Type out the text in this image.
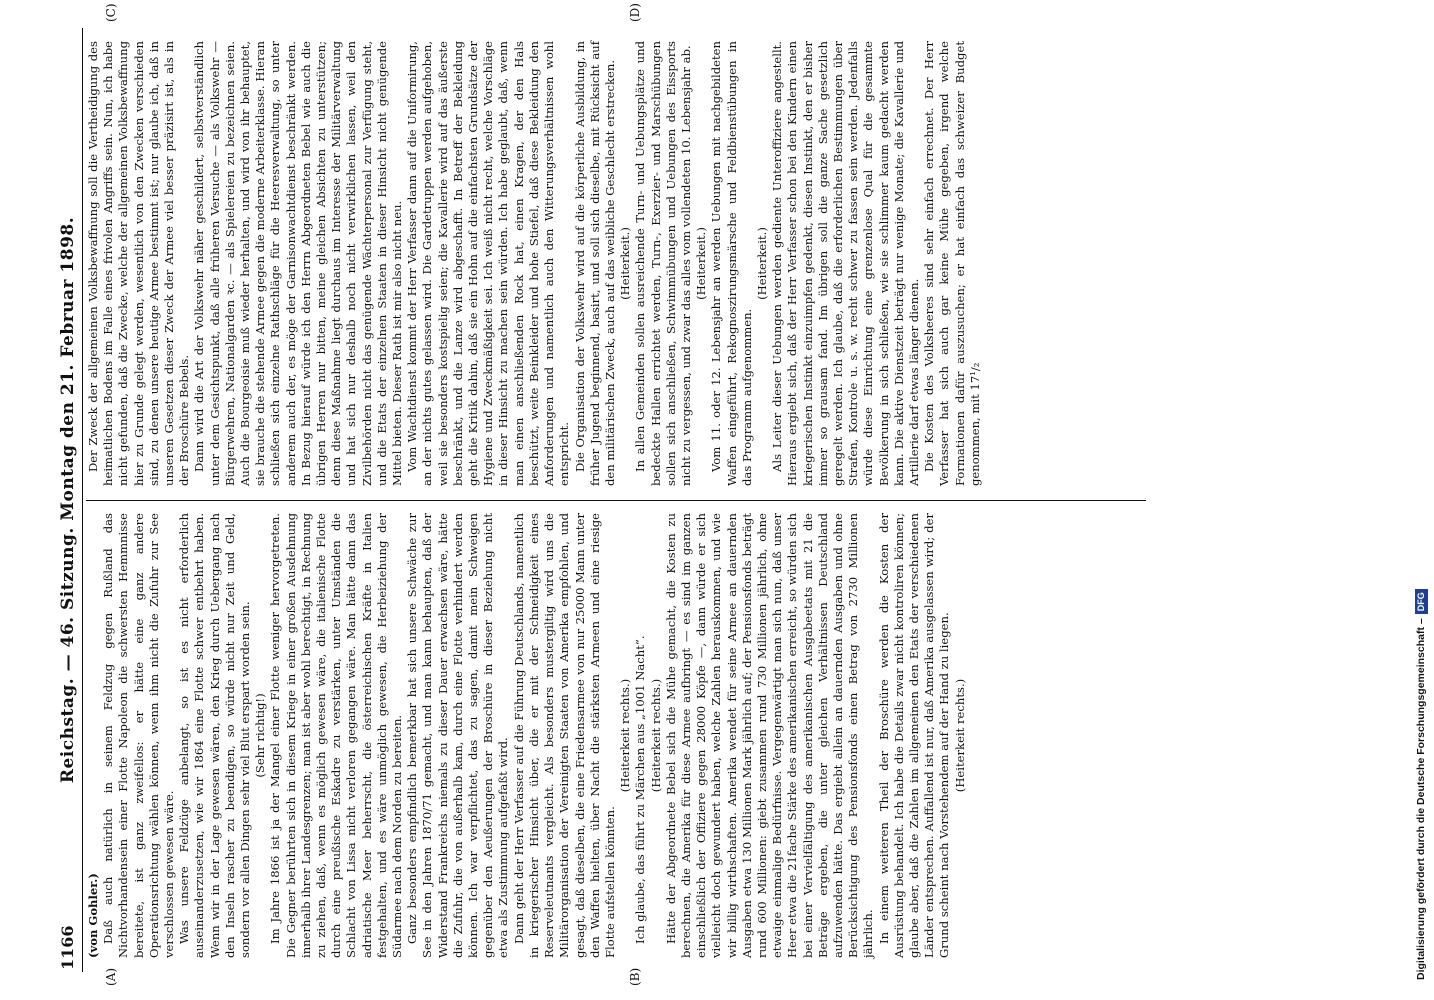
1166
Reichstag. — 46. Sitzung. Montag den 21. Februar 1898.
(A)	(B)
(C)	(D)

(von Gohler.) Daß auch natürlich in seinem Feldzug gegen Rußland das Nichtvorhandensein einer Flotte Napoleon die schwersten Hemmnisse bereitete, ist ganz zweifellos: er hätte eine ganz andere Operationsrichtung wählen können, wenn ihm nicht die Zufuhr zur See verschlossen gewesen wäre. Was unsere Feldzüge anbelangt, so ist es nicht erforderlich auseinanderzusetzen, wie wir 1864 eine Flotte schwer entbehrt haben. Wenn wir in der Lage gewesen wären, den Krieg durch Uebergang nach den Inseln rascher zu beendigen, so würde nicht nur Zeit und Geld, sondern vor allen Dingen sehr viel Blut erspart worden sein. (Sehr richtig!) Im Jahre 1866 ist ja der Mangel einer Flotte weniger hervorgetreten. Die Gegner berührten sich in diesem Kriege in einer großen Ausdehnung innerhalb ihrer Landesgrenzen; man ist aber wohl berechtigt, in Rechnung zu ziehen, daß, wenn es möglich gewesen wäre, die italienische Flotte durch eine preußische Eskadre zu verstärken, unter Umständen die Schlacht von Lissa nicht verloren gegangen wäre. Man hätte dann das adriatische Meer beherrscht, die österreichischen Kräfte in Italien festgehalten, und es wäre unmöglich gewesen, die Herbeiziehung der Südarmee nach dem Norden zu bereiten. Ganz besonders empfindlich bemerkbar hat sich unsere Schwäche zur See in den Jahren 1870/71 gemacht, und man kann behaupten, daß der Widerstand Frankreichs niemals zu dieser Dauer erwachsen wäre, hätte die Zufuhr, die von außerhalb kam, durch eine Flotte verhindert werden können. Ich war verpflichtet, das zu sagen, damit mein Schweigen gegenüber den Aeußerungen der Broschüre in dieser Beziehung nicht etwa als Zustimmung aufgefaßt wird. Dann geht der Herr Verfasser auf die Führung Deutschlands, namentlich in kriegerischer Hinsicht über, die er mit der Schneidigkeit eines Reserveleutnants vergleicht. Als besonders mustergiltig wird uns die Militärorganisation der Vereinigten Staaten von Amerika empfohlen, und gesagt, daß dieselben, die eine Friedensarmee von nur 25000 Mann unter den Waffen hielten, über Nacht die stärksten Armeen und eine riesige Flotte aufstellen könnten.

(Heiterkeit rechts.) Ich glaube, das führt zu Märchen aus „1001 Nacht“. (Heiterkeit rechts.) Hätte der Abgeordnete Bebel sich die Mühe gemacht, die Kosten zu berechnen, die Amerika für diese Armee aufbringt — es sind im ganzen einschließlich der Offiziere gegen 28000 Köpfe —, dann würde er sich vielleicht doch gewundert haben, welche Zahlen herauskommen, und wie wir billig wirthschaften. Amerika wendet für seine Armee an dauernden Ausgaben etwa 130 Millionen Mark jährlich auf; der Pensionsfonds beträgt rund 600 Millionen: giebt zusammen rund 730 Millionen jährlich, ohne etwaige einmalige Bedürfnisse. Vergegenwärtigt man sich nun, daß unser Heer etwa die 21fache Stärke des amerikanischen erreicht, so würden sich bei einer Vervielfältigung des amerikanischen Ausgabeetats mit 21 die Beträge ergeben, die unter gleichen Verhältnissen Deutschland aufzuwenden hätte. Das ergiebt allein an dauernden Ausgaben und ohne Berücksichtigung des Pensionsfonds einen Betrag von 2730 Millionen jährlich. In einem weiteren Theil der Broschüre werden die Kosten der Ausrüstung behandelt. Ich habe die Details zwar nicht kontroliren können; glaube aber, daß die Zahlen im allgemeinen den Etats der verschiedenen Länder entsprechen. Auffallend ist nur, daß Amerika ausgelassen wird; der Grund scheint nach Vorstehendem auf der Hand zu liegen. (Heiterkeit rechts.)

Der Zweck der allgemeinen Volksbewaffnung soll die Vertheidigung des heimatlichen Bodens im Falle eines frivolen Angriffs sein. Nun, ich habe nicht gefunden, daß die Zwecke, welche der allgemeinen Volksbewaffnung hier zu Grunde gelegt werden, wesentlich von den Zwecken verschieden sind, zu denen unsere heutige Armee bestimmt ist; nur glaube ich, daß in unseren Gesetzen dieser Zweck der Armee viel besser präzisirt ist, als in der Broschüre Bebels. Dann wird die Art der Volkswehr näher geschildert, selbstverständlich unter dem Gesichtspunkt, daß alle früheren Versuche — als Volkswehr — Bürgerwehren, Nationalgarden ꝛc. — als Spielereien zu bezeichnen seien. Auch die Bourgeoisie muß wieder herhalten, und wird von ihr behauptet, sie brauche die stehende Armee gegen die moderne Arbeiterklasse. Hieran schließen sich einzelne Rathschläge für die Heeresverwaltung, so unter anderem auch der, es möge der Garnisonwachtdienst beschränkt werden. In Bezug hierauf würde ich den Herrn Abgeordneten Bebel wie auch die übrigen Herren nur bitten, meine gleichen Absichten zu unterstützen; denn diese Maßnahme liegt durchaus im Interesse der Militärverwaltung und hat sich nur deshalb noch nicht verwirklichen lassen, weil den Zivilbehörden nicht das genügende Wächterpersonal zur Verfügung steht, und die Etats der einzelnen Staaten in dieser Hinsicht nicht genügende Mittel bieten. Dieser Rath ist mir also nicht neu. Vom Wachtdienst kommt der Herr Verfasser dann auf die Uniformirung, an der nichts gutes gelassen wird. Die Gardetruppen werden aufgehoben, weil sie besonders kostspielig seien; die Kavallerie wird auf das äußerste beschränkt, und die Lanze wird abgeschafft. In Betreff der Bekleidung geht die Kritik dahin, daß sie ein Hohn auf die einfachsten Grundsätze der Hygiene und Zweckmäßigkeit sei. Ich weiß nicht recht, welche Vorschläge in dieser Hinsicht zu machen sein würden. Ich habe geglaubt, daß, wenn man einen anschließenden Rock hat, einen Kragen, der den Hals beschützt, weite Beinkleider und hohe Stiefel, daß diese Bekleidung den Anforderungen und namentlich auch den Witterungsverhältnissen wohl entspricht. Die Organisation der Volkswehr wird auf die körperliche Ausbildung, in früher Jugend beginnend, basirt, und soll sich dieselbe, mit Rücksicht auf den militärischen Zweck, auch auf das weibliche Geschlecht erstrecken. (Heiterkeit.) In allen Gemeinden sollen ausreichende Turn- und Uebungsplätze und bedeckte Hallen errichtet werden, Turn-, Exerzier- und Marschübungen sollen sich anschließen, Schwimmübungen und Uebungen des Eissports nicht zu vergessen, und zwar das alles vom vollendeten 10. Lebensjahr ab. (Heiterkeit.) Vom 11. oder 12. Lebensjahr an werden Uebungen mit nachgebildeten Waffen eingeführt, Rekognoszirungsmärsche und Feldbienstübungen in das Programm aufgenommen.

(Heiterkeit.) Als Leiter dieser Uebungen werden gediente Unteroffiziere angestellt. Hieraus ergiebt sich, daß der Herr Verfasser schon bei den Kindern einen kriegerischen Instinkt einzuimpfen gedenkt, diesen Instinkt, den er bisher immer so grausam fand. Im übrigen soll die ganze Sache gesetzlich geregelt werden. Ich glaube, daß die erforderlichen Bestimmungen über Strafen, Kontrole u. s. w. recht schwer zu fassen sein werden. Jedenfalls würde diese Einrichtung eine grenzenlose Qual für die gesammte Bevölkerung in sich schließen, wie sie schlimmer kaum gedacht werden kann. Die aktive Dienstzeit beträgt nur wenige Monate; die Kavallerie und Artillerie darf etwas länger dienen. Die Kosten des Volksheeres sind sehr einfach errechnet. Der Herr Verfasser hat sich auch gar keine Mühe gegeben, irgend welche Formationen dafür auszusuchen; er hat einfach das schweizer Budget genommen, mit 17¹/₂

Digitalisierung gefördert durch die Deutsche Forschungsgemeinschaft –DFG
